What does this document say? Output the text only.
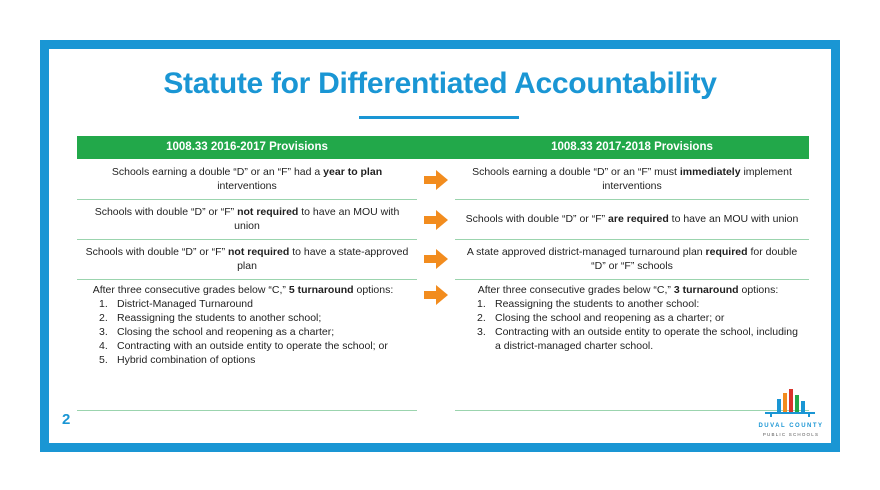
Statute for Differentiated Accountability
1008.33 2016-2017 Provisions	1008.33 2017-2018 Provisions
Schools earning a double “D” or an “F” had a year to plan interventions
Schools earning a double “D” or an “F” must immediately implement interventions
Schools with double “D” or “F” not required to have an MOU with union
Schools with double “D” or “F” are required to have an MOU with union
Schools with double “D” or “F” not required to have a state-approved plan
A state approved district-managed turnaround plan required for double “D” or “F” schools
After three consecutive grades below “C,” 5 turnaround options:
1. District-Managed Turnaround
2. Reassigning the students to another school;
3. Closing the school and reopening as a charter;
4. Contracting with an outside entity to operate the school; or
5. Hybrid combination of options
After three consecutive grades below “C,” 3 turnaround options:
1. Reassigning the students to another school:
2. Closing the school and reopening as a charter; or
3. Contracting with an outside entity to operate the school, including a district-managed charter school.
2	DUVAL COUNTY
PUBLIC SCHOOLS
